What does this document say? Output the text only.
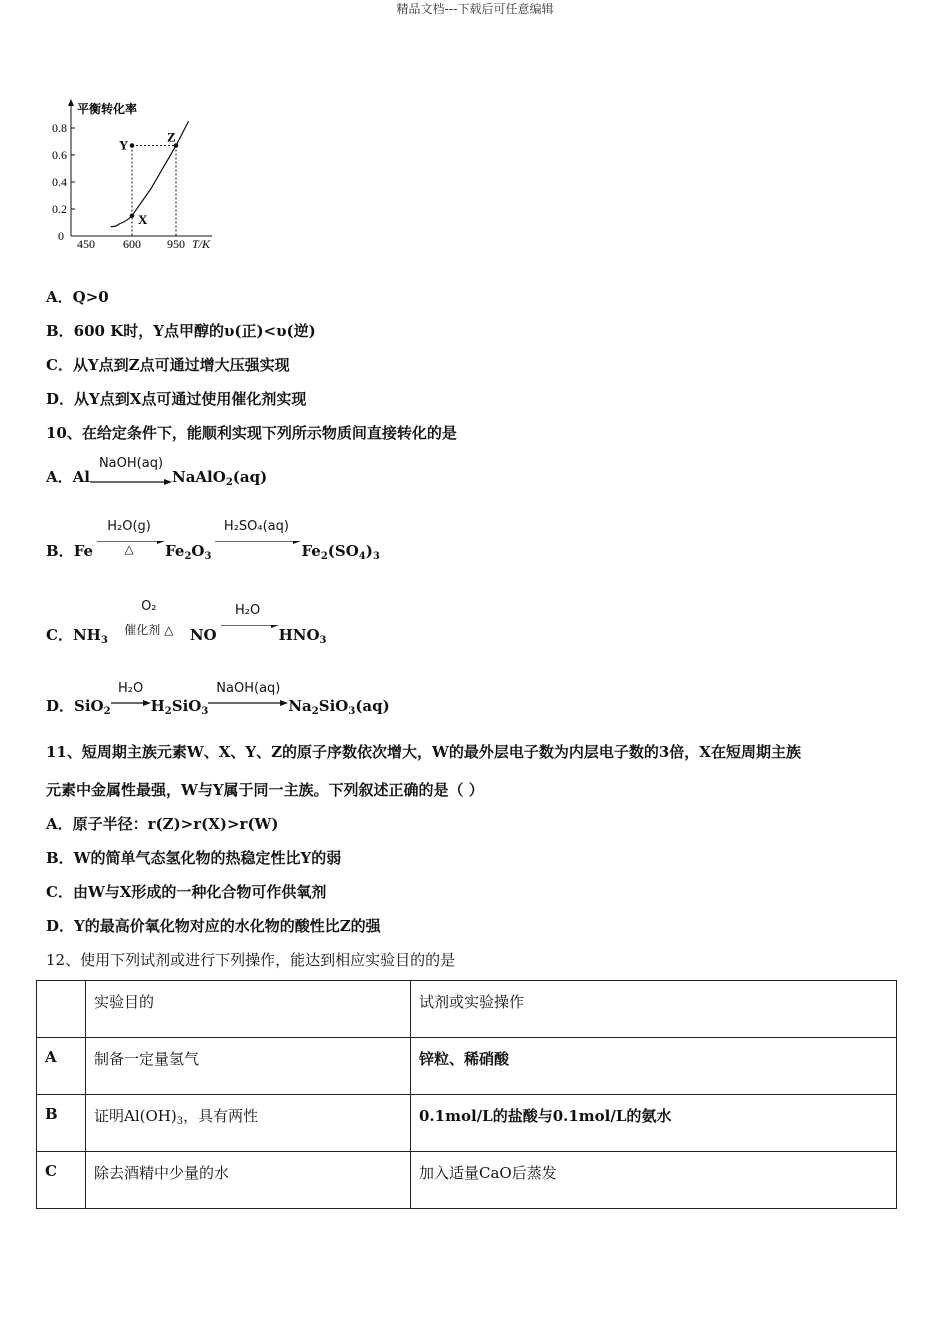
精品文档---下载后可任意编辑
0
0.2
0.4
0.6
0.8
450 600 950
平衡转化率
T/K
X
Y
Z
A．Q>0
B．600 K时，Y点甲醇的υ(正)<υ(逆)
C．从Y点到Z点可通过增大压强实现
D．从Y点到X点可通过使用催化剂实现
10、在给定条件下，能顺利实现下列所示物质间直接转化的是
A．Al
NaOH(aq)
NaAlO$_2$(aq)
B．Fe
H₂O(g)
△	$Fe_2O_3$
H₂SO₄(aq)
$Fe_2(SO_4)_3$
C．$NH_3$
O₂
催化剂 △	NO
H₂O
$HNO_3$
D．SiO$_2$
H₂O
$H_2SiO_3$
NaOH(aq)
$Na_2SiO_3(aq)$
11、短周期主族元素W、X、Y、Z的原子序数依次增大，W的最外层电子数为内层电子数的3倍，X在短周期主族
元素中金属性最强，W与Y属于同一主族。下列叙述正确的是（ ）
A．原子半径：r(Z)>r(X)>r(W)
B．W的简单气态氢化物的热稳定性比Y的弱
C．由W与X形成的一种化合物可作供氧剂
D．Y的最高价氧化物对应的水化物的酸性比Z的强
12、使用下列试剂或进行下列操作，能达到相应实验目的的是
	实验目的	试剂或实验操作
A	制备一定量氢气	锌粒、稀硝酸
B	证明$Al(OH)_3$，具有两性	0.1mol/L的盐酸与0.1mol/L的氨水
C	除去酒精中少量的水	加入适量CaO后蒸发
